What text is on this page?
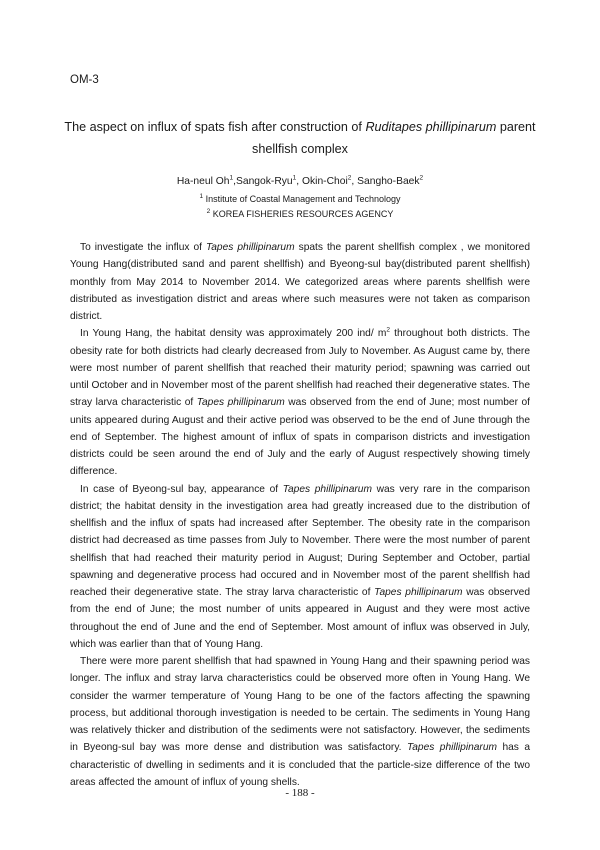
OM-3
The aspect on influx of spats fish after construction of Ruditapes phillipinarum parent shellfish complex
Ha-neul Oh$^1$,Sangok-Ryu$^1$, Okin-Choi$^2$, Sangho-Baek$^2$
$^1$ Institute of Coastal Management and Technology
$^2$ KOREA FISHERIES RESOURCES AGENCY

To investigate the influx of Tapes phillipinarum spats the parent shellfish complex , we monitored Young Hang(distributed sand and parent shellfish) and Byeong-sul bay(distributed parent shellfish) monthly from May 2014 to November 2014. We categorized areas where parents shellfish were distributed as investigation district and areas where such measures were not taken as comparison district.

In Young Hang, the habitat density was approximately 200 ind/ $m^2$ throughout both districts. The obesity rate for both districts had clearly decreased from July to November. As August came by, there were most number of parent shellfish that reached their maturity period; spawning was carried out until October and in November most of the parent shellfish had reached their degenerative states. The stray larva characteristic of Tapes phillipinarum was observed from the end of June; most number of units appeared during August and their active period was observed to be the end of June through the end of September. The highest amount of influx of spats in comparison districts and investigation districts could be seen around the end of July and the early of August respectively showing timely difference.

In case of Byeong-sul bay, appearance of Tapes phillipinarum was very rare in the comparison district; the habitat density in the investigation area had greatly increased due to the distribution of shellfish and the influx of spats had increased after September. The obesity rate in the comparison district had decreased as time passes from July to November. There were the most number of parent shellfish that had reached their maturity period in August; During September and October, partial spawning and degenerative process had occured and in November most of the parent shellfish had reached their degenerative state. The stray larva characteristic of Tapes phillipinarum was observed from the end of June; the most number of units appeared in August and they were most active throughout the end of June and the end of September. Most amount of influx was observed in July, which was earlier than that of Young Hang.

There were more parent shellfish that had spawned in Young Hang and their spawning period was longer. The influx and stray larva characteristics could be observed more often in Young Hang. We consider the warmer temperature of Young Hang to be one of the factors affecting the spawning process, but additional thorough investigation is needed to be certain. The sediments in Young Hang was relatively thicker and distribution of the sediments were not satisfactory. However, the sediments in Byeong-sul bay was more dense and distribution was satisfactory. Tapes phillipinarum has a characteristic of dwelling in sediments and it is concluded that the particle-size difference of the two areas affected the amount of influx of young shells.

- 188 -
